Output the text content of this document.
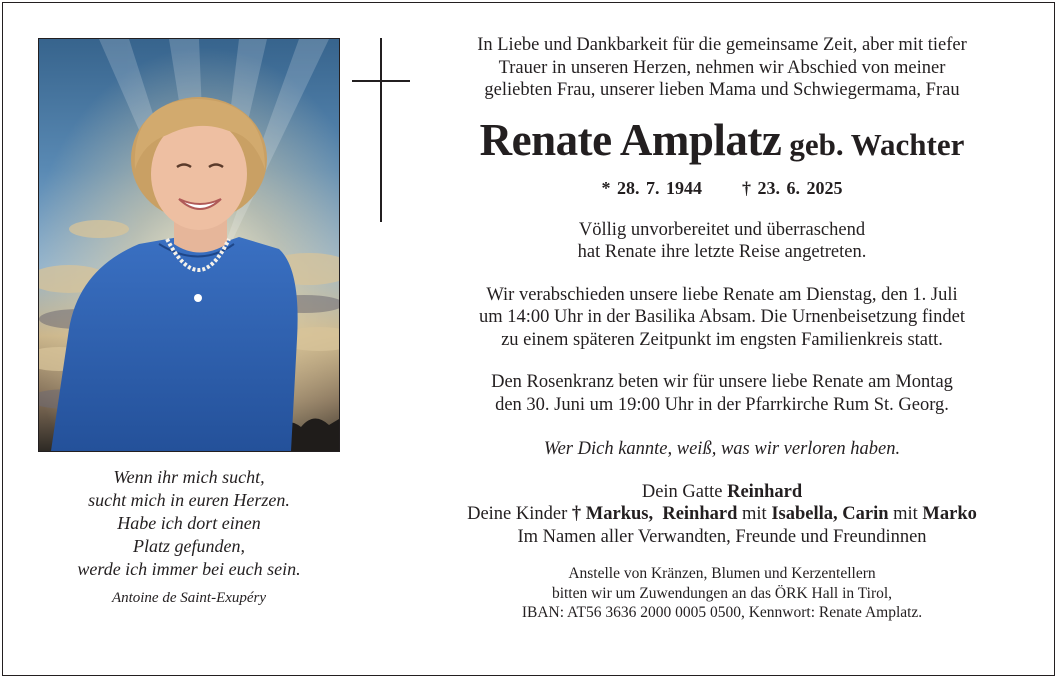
In Liebe und Dankbarkeit für die gemeinsame Zeit, aber mit tiefer
Trauer in unseren Herzen, nehmen wir Abschied von meiner
geliebten Frau, unserer lieben Mama und Schwiegermama, Frau
Renate Amplatz geb. Wachter
* 28. 7. 1944 † 23. 6. 2025
Völlig unvorbereitet und überraschend
hat Renate ihre letzte Reise angetreten.
Wir verabschieden unsere liebe Renate am Dienstag, den 1. Juli
um 14:00 Uhr in der Basilika Absam. Die Urnenbeisetzung findet
zu einem späteren Zeitpunkt im engsten Familienkreis statt.
Den Rosenkranz beten wir für unsere liebe Renate am Montag
den 30. Juni um 19:00 Uhr in der Pfarrkirche Rum St. Georg.
Wer Dich kannte, weiß, was wir verloren haben.
Dein Gatte Reinhard
Deine Kinder † Markus, Reinhard mit Isabella, Carin mit Marko
Im Namen aller Verwandten, Freunde und Freundinnen
Anstelle von Kränzen, Blumen und Kerzentellern
bitten wir um Zuwendungen an das ÖRK Hall in Tirol,
IBAN: AT56 3636 2000 0005 0500, Kennwort: Renate Amplatz.
Wenn ihr mich sucht,
sucht mich in euren Herzen.
Habe ich dort einen
Platz gefunden,
werde ich immer bei euch sein.
Antoine de Saint-Exupéry
